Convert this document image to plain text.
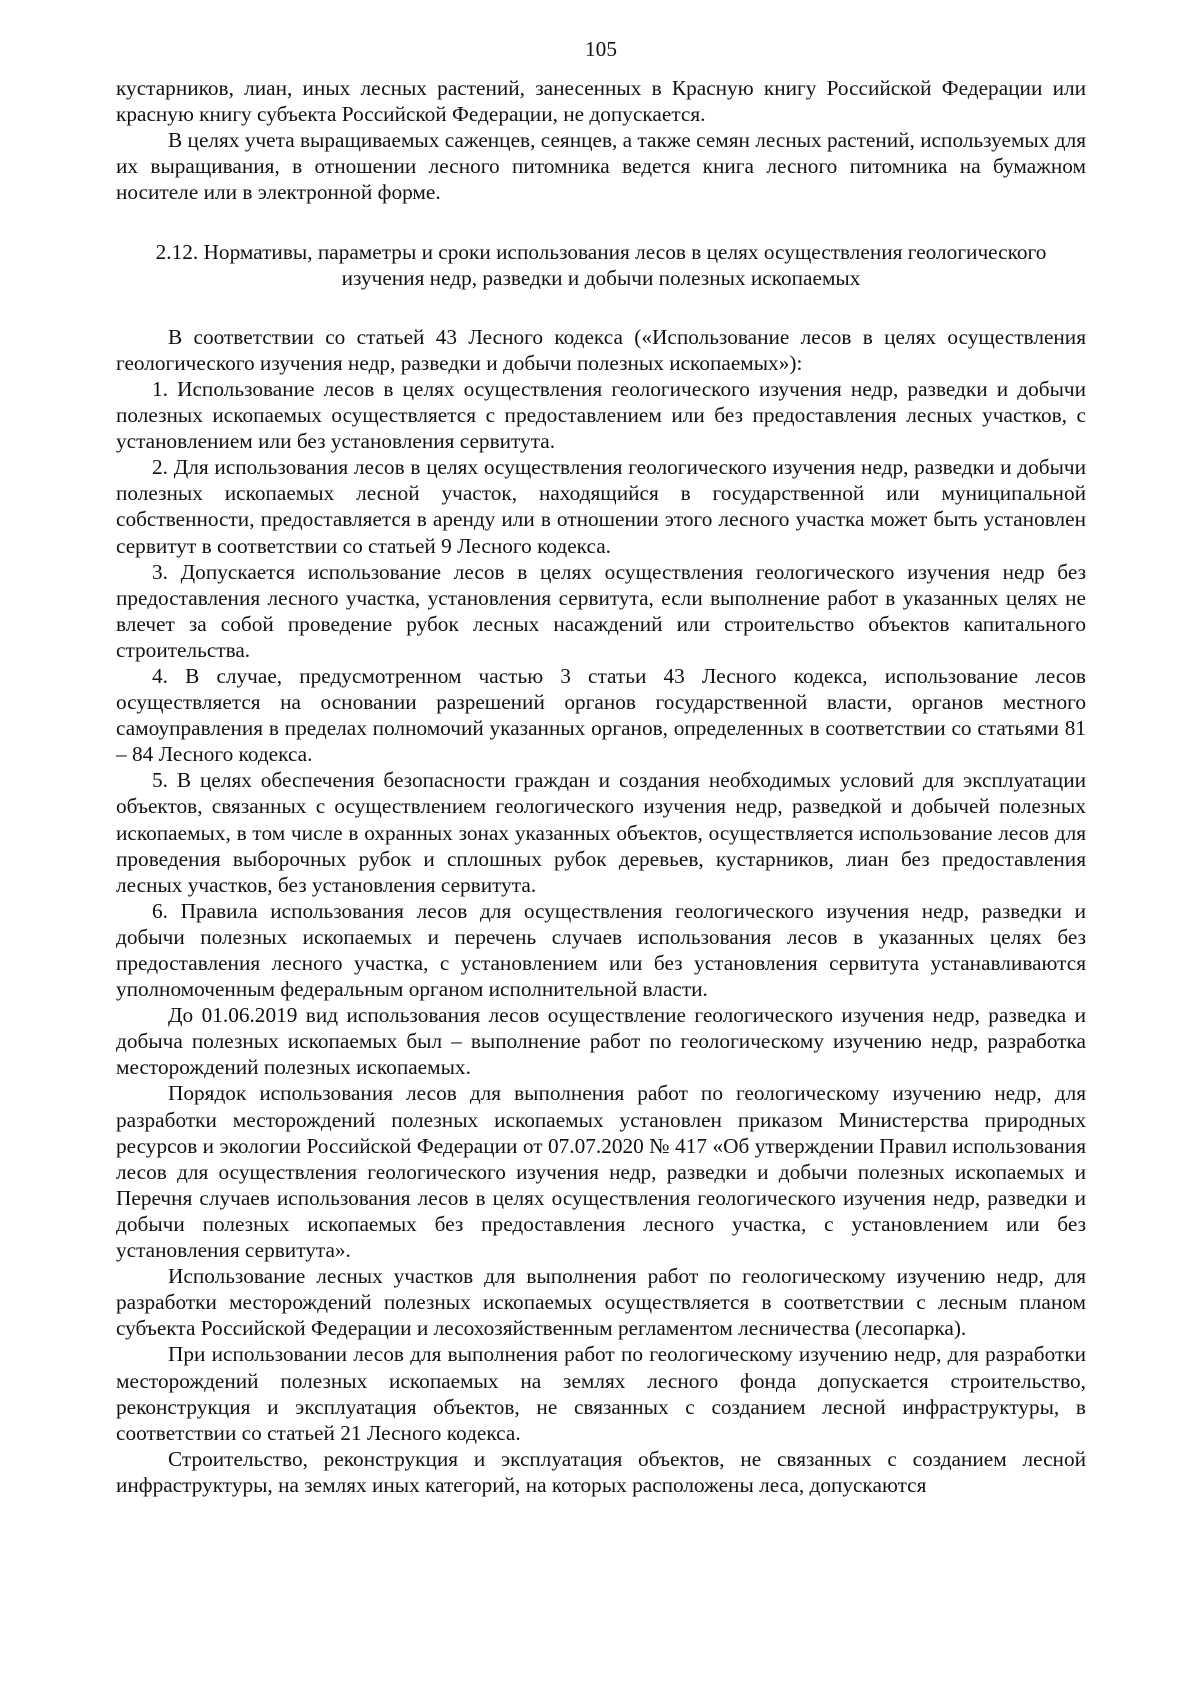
105

кустарников, лиан, иных лесных растений, занесенных в Красную книгу Российской Федерации или красную книгу субъекта Российской Федерации, не допускается.

В целях учета выращиваемых саженцев, сеянцев, а также семян лесных растений, используемых для их выращивания, в отношении лесного питомника ведется книга лесного питомника на бумажном носителе или в электронной форме.

2.12. Нормативы, параметры и сроки использования лесов в целях осуществления геологического изучения недр, разведки и добычи полезных ископаемых

В соответствии со статьей 43 Лесного кодекса («Использование лесов в целях осуществления геологического изучения недр, разведки и добычи полезных ископаемых»):

1. Использование лесов в целях осуществления геологического изучения недр, разведки и добычи полезных ископаемых осуществляется с предоставлением или без предоставления лесных участков, с установлением или без установления сервитута.

2. Для использования лесов в целях осуществления геологического изучения недр, разведки и добычи полезных ископаемых лесной участок, находящийся в государственной или муниципальной собственности, предоставляется в аренду или в отношении этого лесного участка может быть установлен сервитут в соответствии со статьей 9 Лесного кодекса.

3. Допускается использование лесов в целях осуществления геологического изучения недр без предоставления лесного участка, установления сервитута, если выполнение работ в указанных целях не влечет за собой проведение рубок лесных насаждений или строительство объектов капитального строительства.

4. В случае, предусмотренном частью 3 статьи 43 Лесного кодекса, использование лесов осуществляется на основании разрешений органов государственной власти, органов местного самоуправления в пределах полномочий указанных органов, определенных в соответствии со статьями 81 – 84 Лесного кодекса.

5. В целях обеспечения безопасности граждан и создания необходимых условий для эксплуатации объектов, связанных с осуществлением геологического изучения недр, разведкой и добычей полезных ископаемых, в том числе в охранных зонах указанных объектов, осуществляется использование лесов для проведения выборочных рубок и сплошных рубок деревьев, кустарников, лиан без предоставления лесных участков, без установления сервитута.

6. Правила использования лесов для осуществления геологического изучения недр, разведки и добычи полезных ископаемых и перечень случаев использования лесов в указанных целях без предоставления лесного участка, с установлением или без установления сервитута устанавливаются уполномоченным федеральным органом исполнительной власти.

До 01.06.2019 вид использования лесов осуществление геологического изучения недр, разведка и добыча полезных ископаемых был – выполнение работ по геологическому изучению недр, разработка месторождений полезных ископаемых.

Порядок использования лесов для выполнения работ по геологическому изучению недр, для разработки месторождений полезных ископаемых установлен приказом Министерства природных ресурсов и экологии Российской Федерации от 07.07.2020 № 417 «Об утверждении Правил использования лесов для осуществления геологического изучения недр, разведки и добычи полезных ископаемых и Перечня случаев использования лесов в целях осуществления геологического изучения недр, разведки и добычи полезных ископаемых без предоставления лесного участка, с установлением или без установления сервитута».

Использование лесных участков для выполнения работ по геологическому изучению недр, для разработки месторождений полезных ископаемых осуществляется в соответствии с лесным планом субъекта Российской Федерации и лесохозяйственным регламентом лесничества (лесопарка).

При использовании лесов для выполнения работ по геологическому изучению недр, для разработки месторождений полезных ископаемых на землях лесного фонда допускается строительство, реконструкция и эксплуатация объектов, не связанных с созданием лесной инфраструктуры, в соответствии со статьей 21 Лесного кодекса.

Строительство, реконструкция и эксплуатация объектов, не связанных с созданием лесной инфраструктуры, на землях иных категорий, на которых расположены леса, допускаются
